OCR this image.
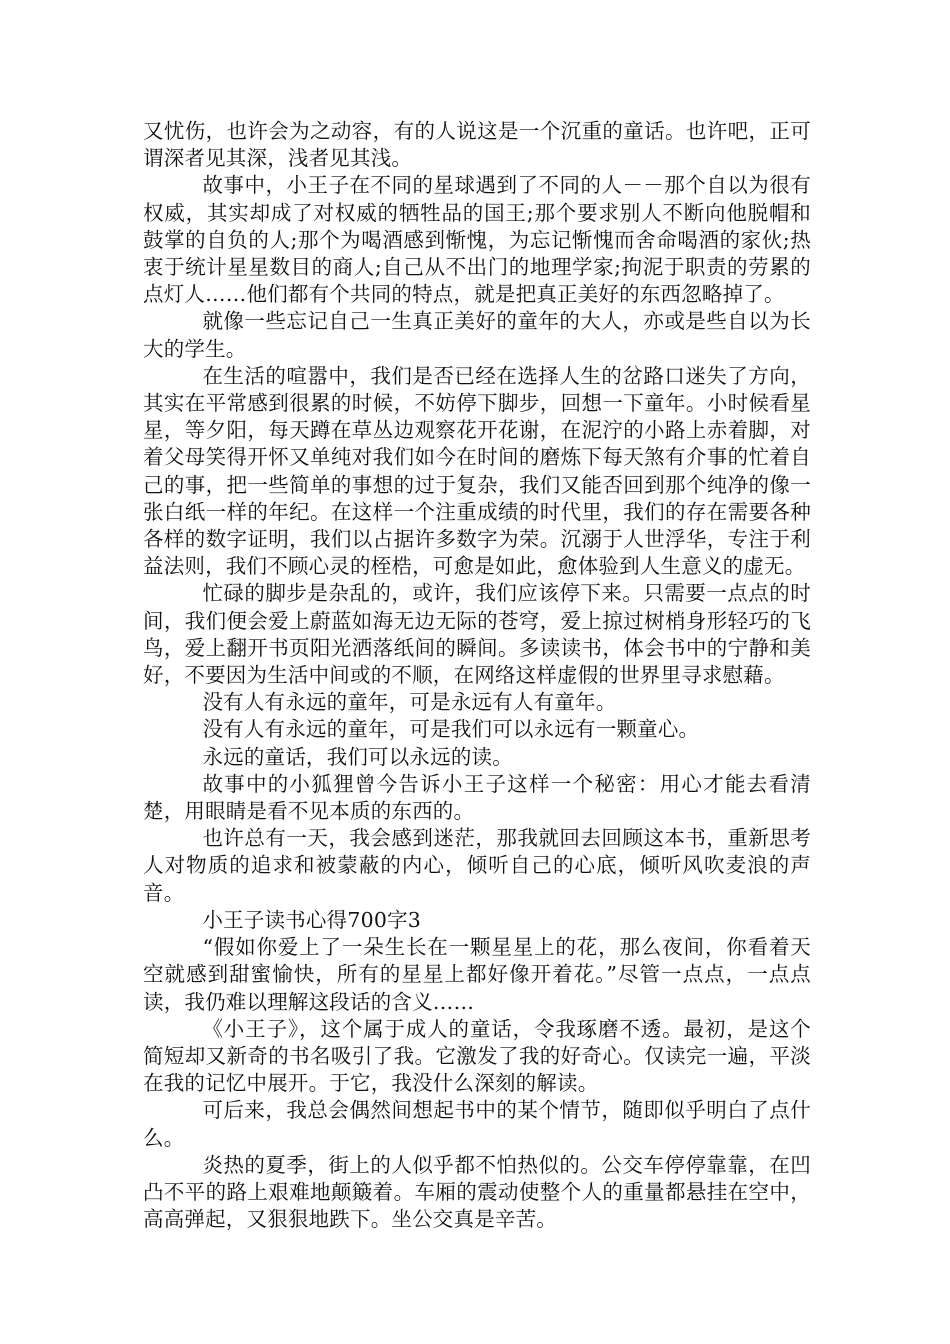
又忧伤，也许会为之动容，有的人说这是一个沉重的童话。也许吧，正可谓深者见其深，浅者见其浅。

故事中，小王子在不同的星球遇到了不同的人－－那个自以为很有权威，其实却成了对权威的牺牲品的国王;那个要求别人不断向他脱帽和鼓掌的自负的人;那个为喝酒感到惭愧，为忘记惭愧而舍命喝酒的家伙;热衷于统计星星数目的商人;自己从不出门的地理学家;拘泥于职责的劳累的点灯人……他们都有个共同的特点，就是把真正美好的东西忽略掉了。

就像一些忘记自己一生真正美好的童年的大人，亦或是些自以为长大的学生。

在生活的喧嚣中，我们是否已经在选择人生的岔路口迷失了方向，其实在平常感到很累的时候，不妨停下脚步，回想一下童年。小时候看星星，等夕阳，每天蹲在草丛边观察花开花谢，在泥泞的小路上赤着脚，对着父母笑得开怀又单纯对我们如今在时间的磨炼下每天煞有介事的忙着自己的事，把一些简单的事想的过于复杂，我们又能否回到那个纯净的像一张白纸一样的年纪。在这样一个注重成绩的时代里，我们的存在需要各种各样的数字证明，我们以占据许多数字为荣。沉溺于人世浮华，专注于利益法则，我们不顾心灵的桎梏，可愈是如此，愈体验到人生意义的虚无。

忙碌的脚步是杂乱的，或许，我们应该停下来。只需要一点点的时间，我们便会爱上蔚蓝如海无边无际的苍穹，爱上掠过树梢身形轻巧的飞鸟，爱上翻开书页阳光洒落纸间的瞬间。多读读书，体会书中的宁静和美好，不要因为生活中间或的不顺，在网络这样虚假的世界里寻求慰藉。

没有人有永远的童年，可是永远有人有童年。

没有人有永远的童年，可是我们可以永远有一颗童心。

永远的童话，我们可以永远的读。

故事中的小狐狸曾今告诉小王子这样一个秘密：用心才能去看清楚，用眼睛是看不见本质的东西的。

也许总有一天，我会感到迷茫，那我就回去回顾这本书，重新思考人对物质的追求和被蒙蔽的内心，倾听自己的心底，倾听风吹麦浪的声音。

小王子读书心得700字3

“假如你爱上了一朵生长在一颗星星上的花，那么夜间，你看着天空就感到甜蜜愉快，所有的星星上都好像开着花。”尽管一点点，一点点读，我仍难以理解这段话的含义……

《小王子》，这个属于成人的童话，令我琢磨不透。最初，是这个简短却又新奇的书名吸引了我。它激发了我的好奇心。仅读完一遍，平淡在我的记忆中展开。于它，我没什么深刻的解读。

可后来，我总会偶然间想起书中的某个情节，随即似乎明白了点什么。

炎热的夏季，街上的人似乎都不怕热似的。公交车停停靠靠，在凹凸不平的路上艰难地颠簸着。车厢的震动使整个人的重量都悬挂在空中，高高弹起，又狠狠地跌下。坐公交真是辛苦。
